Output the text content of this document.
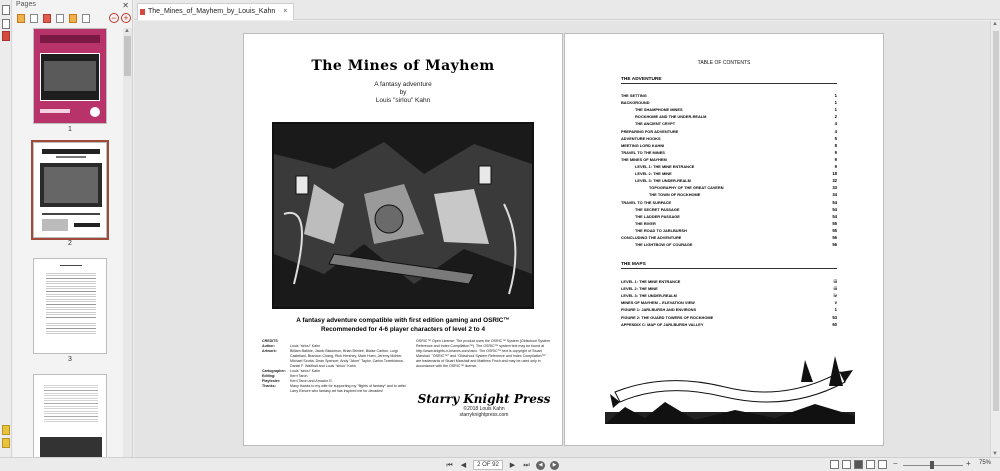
Pages	✕
− +
1
2
3
▲
The_Mines_of_Mayhem_by_Louis_Kahn ×
The Mines of Mayhem
A fantasy adventure
by
Louis "sirlou" Kahn
A fantasy adventure compatible with first edition gaming and OSRIC™
Recommended for 4-6 player characters of level 2 to 4
CREDITS
Author:	Louis "sirlou" Kahn
Artwork:	Billiam Babble, Jacob Blackmon, Brian Brinlee, Blaise Carlton, Luigi Castellani, Brandon Chang, Rick Hershey, Mark Huen, Jeremy Mohler, Michael Scotta, Dean Spencer, Andy "Atom" Taylor, Carlos Torreblanca, Daniel F. Walthall and Louis "sirlou" Kahn
Cartographer:	Louis "sirlou" Kahn
Editing:	Kerri Taron
Playtester:	Kerri Taron and Amador G.
Thanks:	Many thanks to my wife for supporting my "flights of fantasy" and to artist Larry Elmore who fantasy art has inspired me for decades!
OSRIC™ Open License: The product uses the OSRIC™ System (Oldschool System Reference and Index Compilation™). The OSRIC™ system text may be found at http://www.knights-n-knaves.com/osric. The OSRIC™ text is copyright of Stuart Marshall. "OSRIC™" and "Oldschool System Reference and Index Compilation™" are trademarks of Stuart Marshall and Matthew Finch and may be used only in accordance with the OSRIC™ license.
Starry Knight Press
©2018 Louis Kahn
starryknightpress.com
TABLE OF CONTENTS
THE ADVENTURE
THE SETTING	1
BACKGROUND	1
THE SHAMPHONE MINES	1
ROCKHOME AND THE UNDER-REALM	2
THE ANCIENT CRYPT	4
PREPARING FOR ADVENTURE	4
ADVENTURE HOOKS	5
MEETING LORD KAHNI	8
TRAVEL TO THE MINES	9
THE MINES OF MAYHEM	9
LEVEL 1: THE MINE ENTRANCE	9
LEVEL 2: THE MINE	18
LEVEL 3: THE UNDER-REALM	32
TOPOGRAPHY OF THE GREAT CAVERN	33
THE TOWN OF ROCKHOME	34
TRAVEL TO THE SURFACE	54
THE SECRET PASSAGE	54
THE LADDER PASSAGE	54
THE RIVER	55
THE ROAD TO JARLBURSH	55
CONCLUDING THE ADVENTURE	56
THE LIGHTBOW OF COURAGE	56
THE MAPS
LEVEL 1: THE MINE ENTRANCE	iii
LEVEL 2: THE MINE	iii
LEVEL 3: THE UNDER-REALM	iv
MINES OF MAYHEM – ELEVATION VIEW	v
FIGURE 1: JARLBURSH AND ENVIRONS	1
FIGURE 2: THE GUARD TOWERS OF ROCKHOME	53
APPENDIX C: MAP OF JARLBURSH VALLEY	60
i
▲
▼
⏮ ◀	2 OF 92	▶ ⏭	◀	▶	−	+ 75%
